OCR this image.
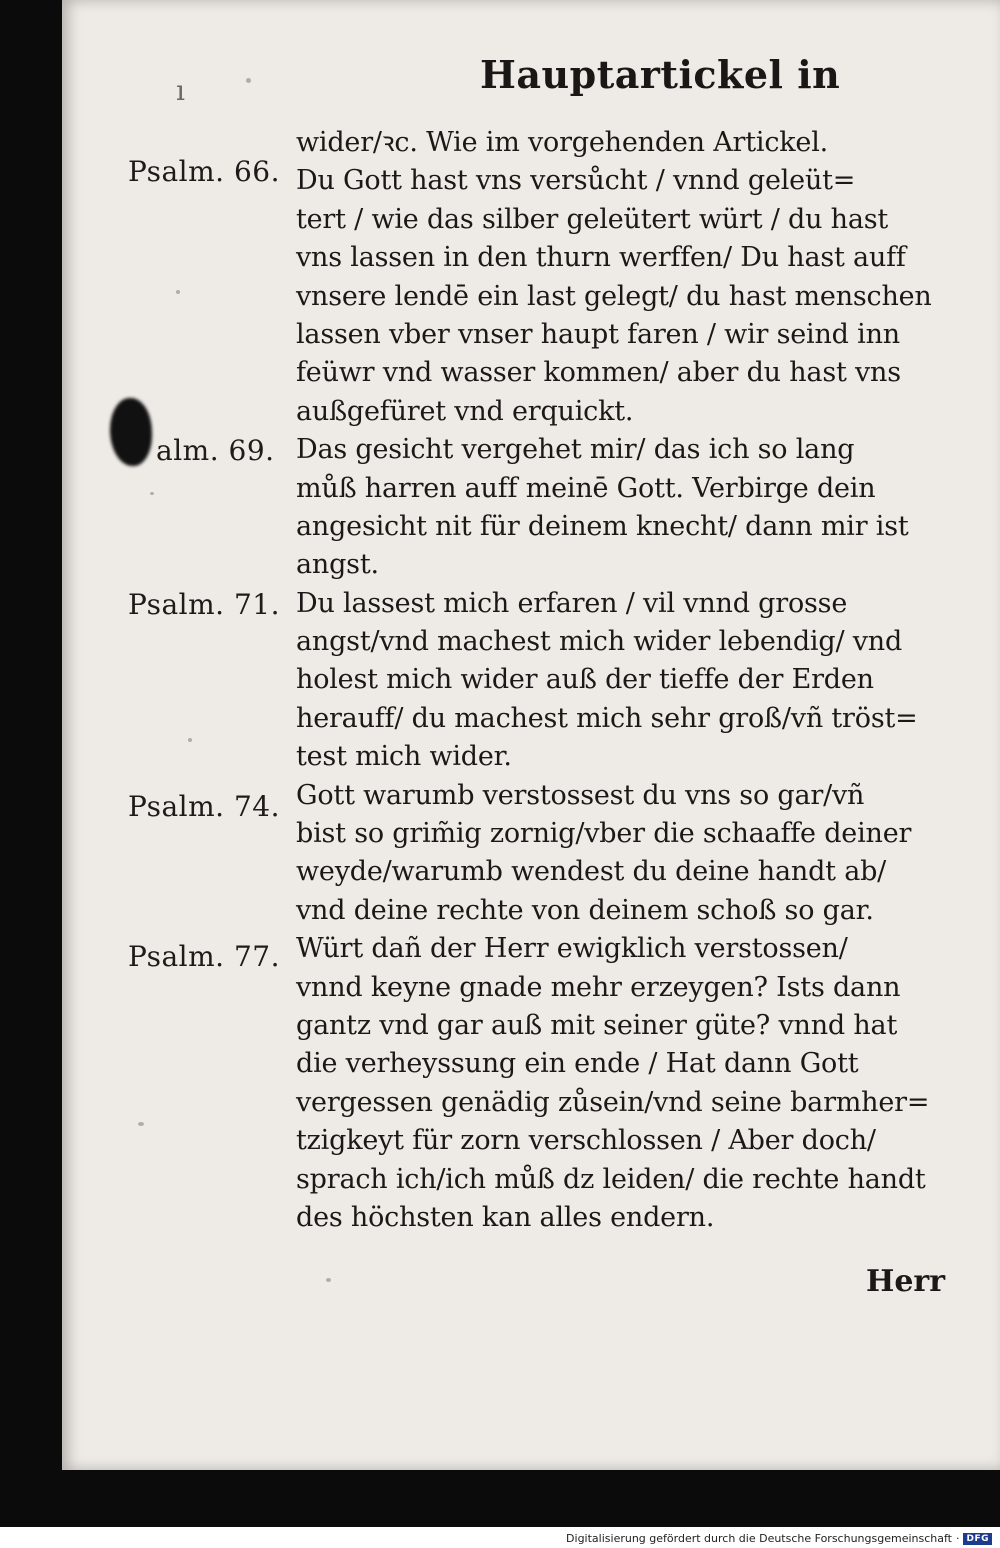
ı	Hauptartickel in
Psalm. 66.
alm. 69.
Psalm. 71.
Psalm. 74.
Psalm. 77.
wider/ꝛc. Wie im vorgehenden Artickel.
Du Gott hast vns versůcht / vnnd geleüt=
tert / wie das silber geleütert würt / du hast
vns lassen in den thurn werffen/ Du hast auff
vnsere lendē ein last gelegt/ du hast menschen
lassen vber vnser haupt faren / wir seind inn
feüwr vnd wasser kommen/ aber du hast vns
außgefüret vnd erquickt.
Das gesicht vergehet mir/ das ich so lang
můß harren auff meinē Gott. Verbirge dein
angesicht nit für deinem knecht/ dann mir ist
angst.
Du lassest mich erfaren / vil vnnd grosse
angst/vnd machest mich wider lebendig/ vnd
holest mich wider auß der tieffe der Erden
herauff/ du machest mich sehr groß/vñ tröst=
test mich wider.
Gott warumb verstossest du vns so gar/vñ
bist so grim̃ig zornig/vber die schaaffe deiner
weyde/warumb wendest du deine handt ab/
vnd deine rechte von deinem schoß so gar.
Würt dañ der Herr ewigklich verstossen/
vnnd keyne gnade mehr erzeygen? Ists dann
gantz vnd gar auß mit seiner güte? vnnd hat
die verheyssung ein ende / Hat dann Gott
vergessen genädig zůsein/vnd seine barmher=
tzigkeyt für zorn verschlossen / Aber doch/
sprach ich/ich můß dz leiden/ die rechte handt
des höchsten kan alles endern.
Herr
Digitalisierung gefördert durch die Deutsche Forschungsgemeinschaft · DFG
